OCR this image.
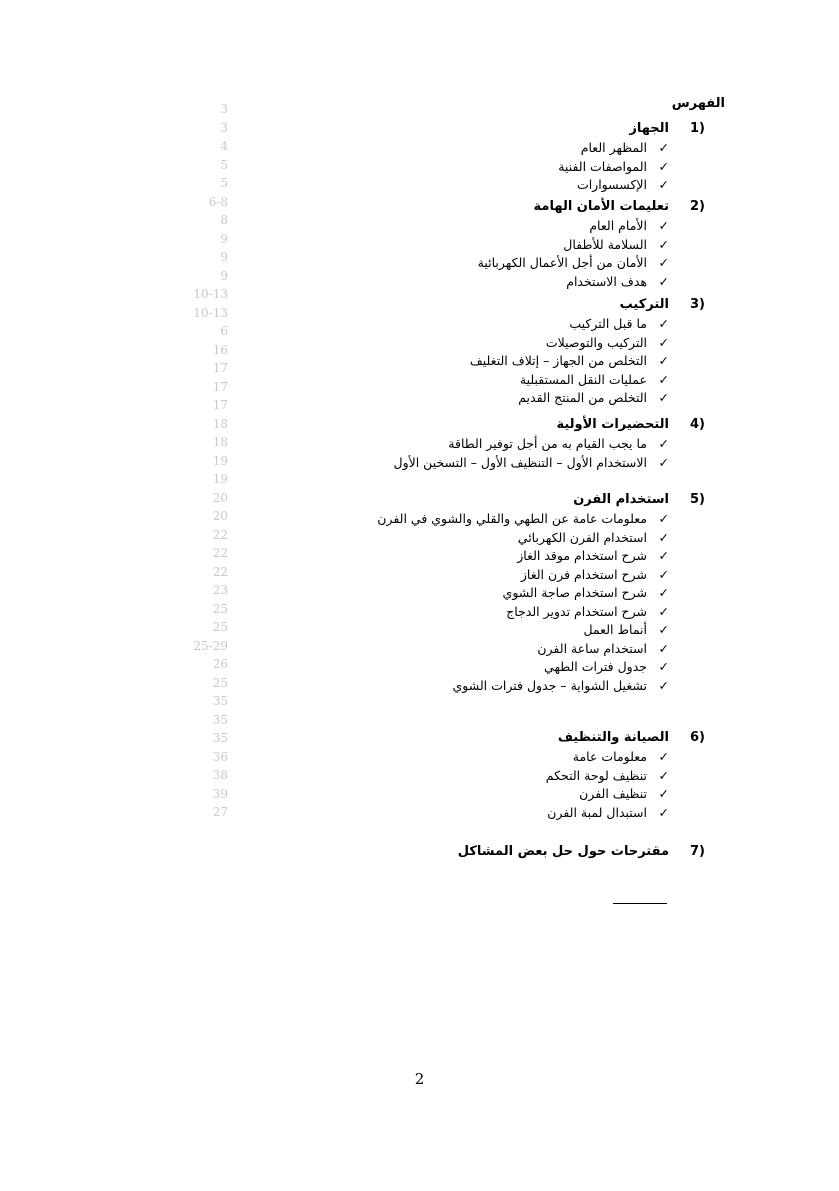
الفهرس
1)الجهاز
✓المظهر العام
✓المواصفات الفنية
✓الإكسسوارات
2)تعليمات الأمان الهامة
✓الأمام العام
✓السلامة للأطفال
✓الأمان من أجل الأعمال الكهربائية
✓هدف الاستخدام
3)التركيب
✓ما قبل التركيب
✓التركيب والتوصيلات
✓التخلص من الجهاز – إتلاف التغليف
✓عمليات النقل المستقبلية
✓التخلص من المنتج القديم
4)التحضيرات الأولية
✓ما يجب القيام به من أجل توفير الطاقة
✓الاستخدام الأول – التنظيف الأول – التسخين الأول
5)استخدام الفرن
✓معلومات عامة عن الطهي والقلي والشوي في الفرن
✓استخدام الفرن الكهربائي
✓شرح استخدام موقد الغاز
✓شرح استخدام فرن الغاز
✓شرح استخدام صاجة الشوي
✓شرح استخدام تدوير الدجاج
✓أنماط العمل
✓استخدام ساعة الفرن
✓جدول فترات الطهي
✓تشغيل الشواية – جدول فترات الشوي
6)الصيانة والتنظيف
✓معلومات عامة
✓تنظيف لوحة التحكم
✓تنظيف الفرن
✓استبدال لمبة الفرن
7)مقترحات حول حل بعض المشاكل
3
3
4
5
5
6-8
8
9
9
9
10-13
10-13
6
16
17
17
17
18
18
19
19
20
20
22
22
22
23
25
25
25-29
26
25
35
35
35
36
38
39
27
2
